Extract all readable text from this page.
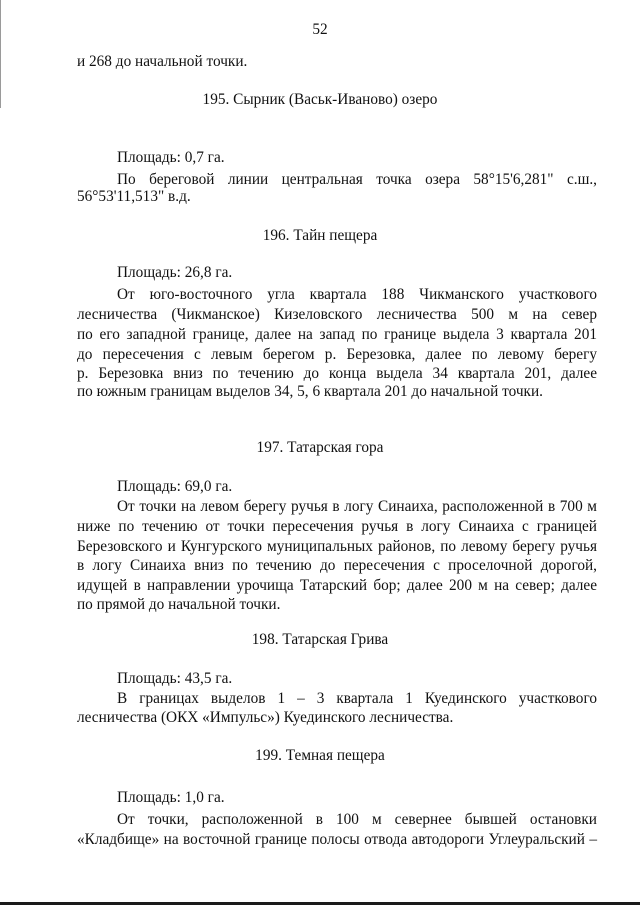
52
и 268 до начальной точки.
195. Сырник (Васьк-Иваново) озеро
Площадь: 0,7 га.
По береговой линии центральная точка озера 58°15'6,281" с.ш.,
56°53'11,513" в.д.
196. Тайн пещера
Площадь: 26,8 га.
От юго-восточного угла квартала 188 Чикманского участкового
лесничества (Чикманское) Кизеловского лесничества 500 м на север
по его западной границе, далее на запад по границе выдела 3 квартала 201
до пересечения с левым берегом р. Березовка, далее по левому берегу
р. Березовка вниз по течению до конца выдела 34 квартала 201, далее
по южным границам выделов 34, 5, 6 квартала 201 до начальной точки.
197. Татарская гора
Площадь: 69,0 га.
От точки на левом берегу ручья в логу Синаиха, расположенной в 700 м
ниже по течению от точки пересечения ручья в логу Синаиха с границей
Березовского и Кунгурского муниципальных районов, по левому берегу ручья
в логу Синаиха вниз по течению до пересечения с проселочной дорогой,
идущей в направлении урочища Татарский бор; далее 200 м на север; далее
по прямой до начальной точки.
198. Татарская Грива
Площадь: 43,5 га.
В границах выделов 1 – 3 квартала 1 Куединского участкового
лесничества (ОКХ «Импульс») Куединского лесничества.
199. Темная пещера
Площадь: 1,0 га.
От точки, расположенной в 100 м севернее бывшей остановки
«Кладбище» на восточной границе полосы отвода автодороги Углеуральский –
